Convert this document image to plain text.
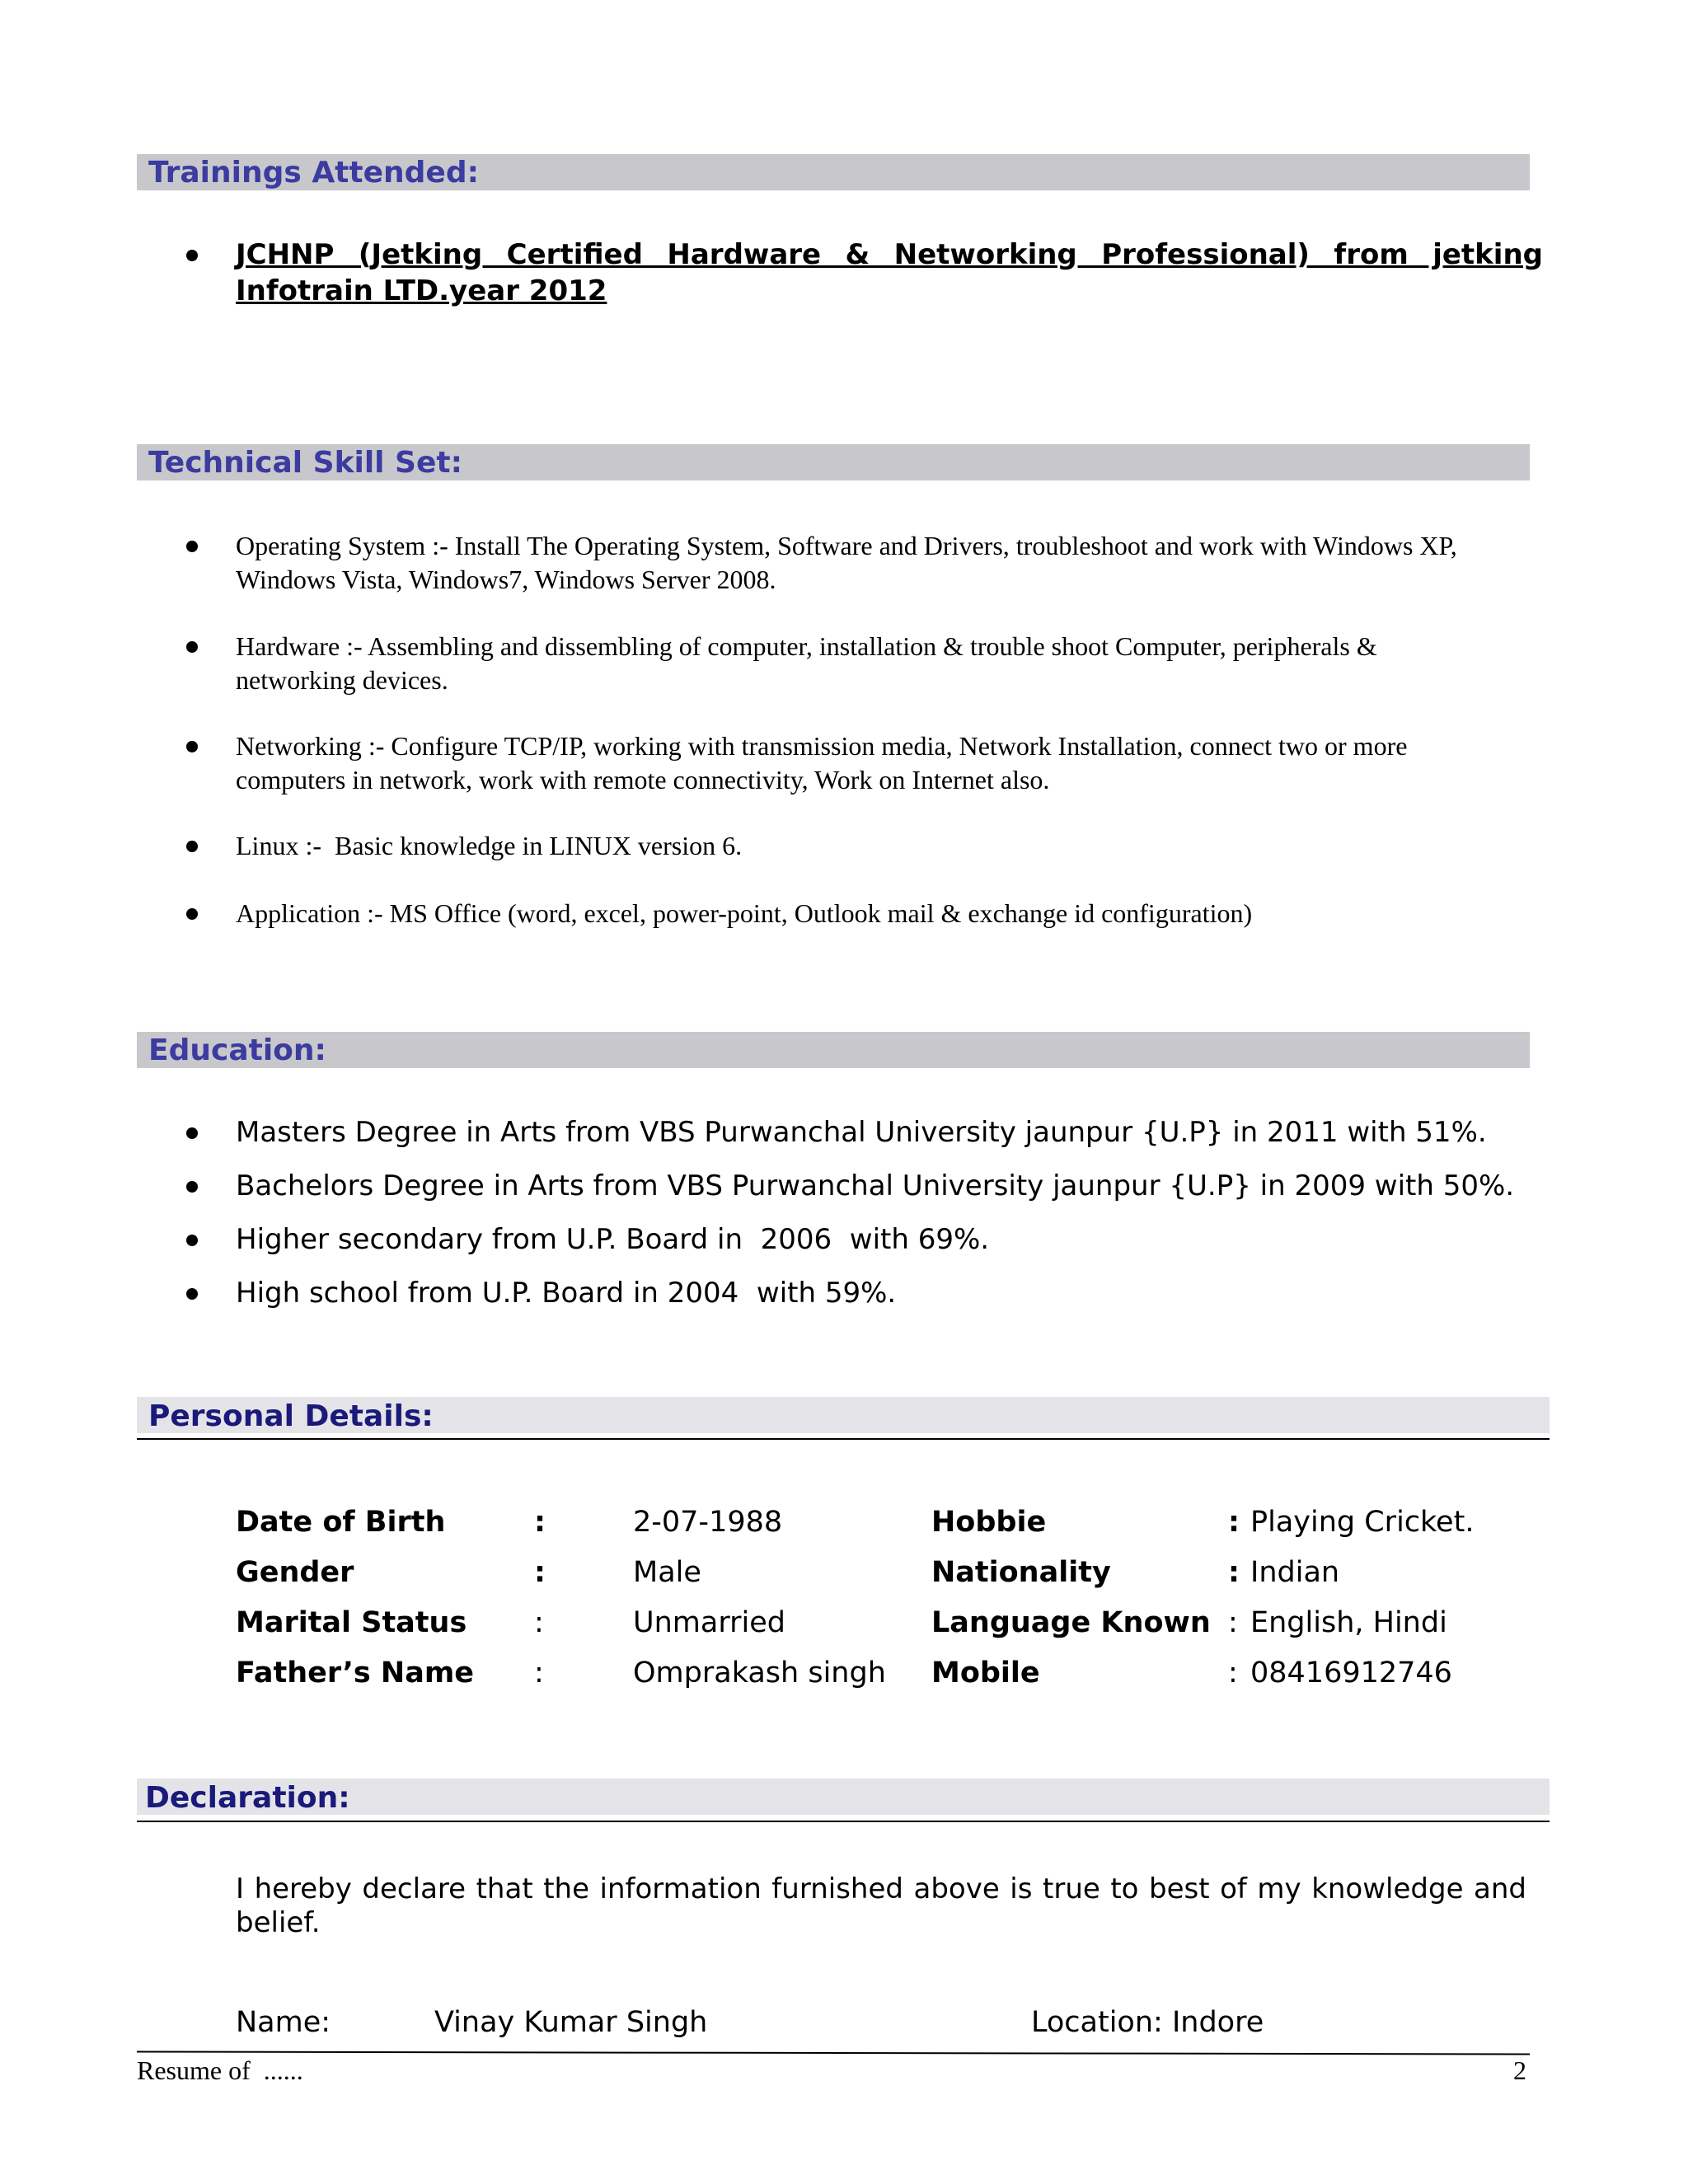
Trainings Attended:
JCHNP (Jetking Certified Hardware & Networking Professional) from jetking Infotrain LTD.year 2012
Technical Skill Set:
Operating System :- Install The Operating System, Software and Drivers, troubleshoot and work with Windows XP, Windows Vista, Windows7, Windows Server 2008.
Hardware :- Assembling and dissembling of computer, installation & trouble shoot Computer, peripherals & networking devices.
Networking :- Configure TCP/IP, working with transmission media, Network Installation, connect two or more computers in network, work with remote connectivity, Work on Internet also.
Linux :-  Basic knowledge in LINUX version 6.
Application :- MS Office (word, excel, power-point, Outlook mail & exchange id configuration)
Education:
Masters Degree in Arts from VBS Purwanchal University jaunpur {U.P} in 2011 with 51%.
Bachelors Degree in Arts from VBS Purwanchal University jaunpur {U.P} in 2009 with 50%.
Higher secondary from U.P. Board in  2006  with 69%.
High school from U.P. Board in 2004  with 59%.
Personal Details:
Date of Birth	:	2-07-1988	Hobbie	: Playing Cricket.
Gender	:	Male	Nationality	: Indian
Marital Status :	Unmarried	Language Known : English, Hindi
Father’s Name :	Omprakash singh Mobile	: 08416912746
Declaration:
I hereby declare that the information furnished above is true to best of my knowledge and belief.
Name:	Vinay Kumar Singh	Location: Indore
Resume of  ......	2
